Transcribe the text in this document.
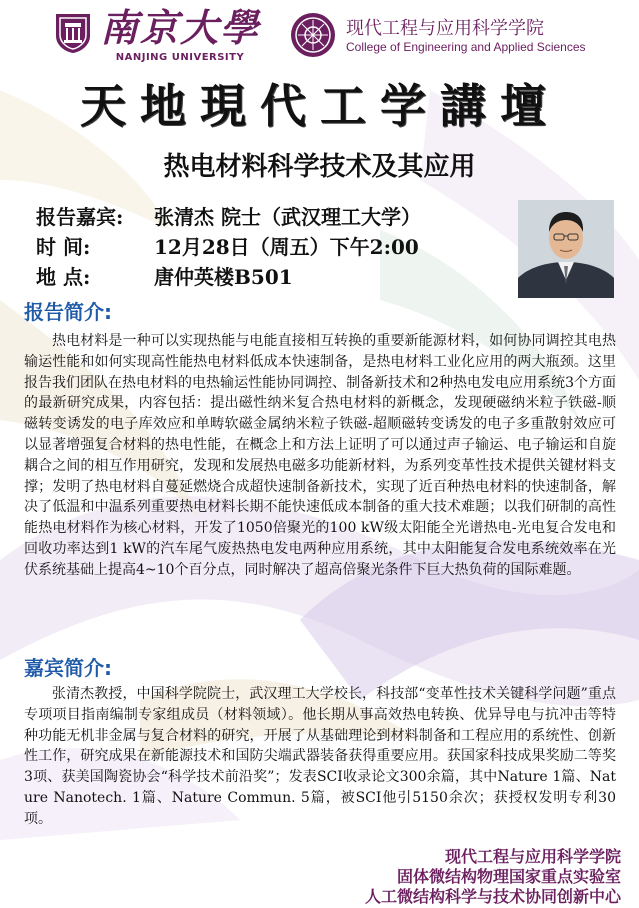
南京大學
NANJING UNIVERSITY
现代工程与应用科学学院
College of Engineering and Applied Sciences
天地現代工学講壇
热电材料科学技术及其应用
报告嘉宾: 张清杰 院士（武汉理工大学）
时 间:	12月28日（周五）下午2:00
地 点:	唐仲英楼B501
报告简介:
热电材料是一种可以实现热能与电能直接相互转换的重要新能源材料，如何协同调控其电热输运性能和如何实现高性能热电材料低成本快速制备，是热电材料工业化应用的两大瓶颈。这里报告我们团队在热电材料的电热输运性能协同调控、制备新技术和2种热电发电应用系统3个方面的最新研究成果，内容包括：提出磁性纳米复合热电材料的新概念，发现硬磁纳米粒子铁磁-顺磁转变诱发的电子库效应和单畴软磁金属纳米粒子铁磁-超顺磁转变诱发的电子多重散射效应可以显著增强复合材料的热电性能，在概念上和方法上证明了可以通过声子输运、电子输运和自旋耦合之间的相互作用研究，发现和发展热电磁多功能新材料，为系列变革性技术提供关键材料支撑；发明了热电材料自蔓延燃烧合成超快速制备新技术，实现了近百种热电材料的快速制备，解决了低温和中温系列重要热电材料长期不能快速低成本制备的重大技术难题；以我们研制的高性能热电材料作为核心材料，开发了1050倍聚光的100 kW级太阳能全光谱热电-光电复合发电和回收功率达到1 kW的汽车尾气废热热电发电两种应用系统，其中太阳能复合发电系统效率在光伏系统基础上提高4~10个百分点，同时解决了超高倍聚光条件下巨大热负荷的国际难题。
嘉宾简介:
张清杰教授，中国科学院院士，武汉理工大学校长，科技部“变革性技术关键科学问题”重点专项项目指南编制专家组成员（材料领域）。他长期从事高效热电转换、优异导电与抗冲击等特种功能无机非金属与复合材料的研究，开展了从基础理论到材料制备和工程应用的系统性、创新性工作，研究成果在新能源技术和国防尖端武器装备获得重要应用。获国家科技成果奖励二等奖3项、获美国陶瓷协会“科学技术前沿奖”；发表SCI收录论文300余篇，其中Nature 1篇、Nature Nanotech. 1篇、Nature Commun. 5篇，被SCI他引5150余次；获授权发明专利30项。
现代工程与应用科学学院
固体微结构物理国家重点实验室
人工微结构科学与技术协同创新中心
